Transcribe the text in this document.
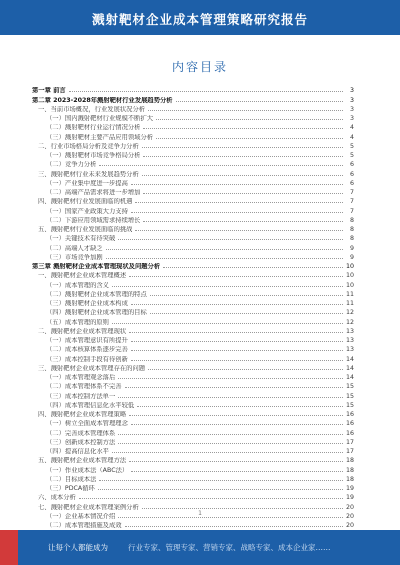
溅射靶材企业成本管理策略研究报告
内容目录
第一章 前言	3
第二章 2023-2028年溅射靶材行业发展趋势分析	3
一、当前市场概况，行业发展状况分析	3
（一）国内溅射靶材行业规模不断扩大	3
（二）溅射靶材行业运行情况分析	4
（三）溅射靶材主要产品应用领域分析	4
二、行业市场格局分析及竞争力分析	5
（一）溅射靶材市场竞争格局分析	5
（二）竞争力分析	6
三、溅射靶材行业未来发展趋势分析	6
（一）产业集中度进一步提高	6
（二）高端产品需求将进一步增加	7
四、溅射靶材行业发展面临的机遇	7
（一）国家产业政策大力支持	7
（二）下游应用领域需求持续增长	8
五、溅射靶材行业发展面临的挑战	8
（一）关键技术有待突破	8
（二）高端人才缺乏	9
（三）市场竞争加剧	9
第三章 溅射靶材企业成本管理现状及问题分析	10
一、溅射靶材企业成本管理概述	10
（一）成本管理的含义	10
（二）溅射靶材企业成本管理的特点	11
（三）溅射靶材企业成本构成	11
（四）溅射靶材企业成本管理的目标	12
（五）成本管理的原则	12
二、溅射靶材企业成本管理现状	13
（一）成本管理意识有所提升	13
（二）成本核算体系逐步完善	13
（三）成本控制手段有待创新	14
三、溅射靶材企业成本管理存在的问题	14
（一）成本管理观念落后	14
（二）成本管理体系不完善	15
（三）成本控制方法单一	15
（四）成本管理信息化水平较低	15
四、溅射靶材企业成本管理策略	16
（一）树立全面成本管理理念	16
（二）完善成本管理体系	16
（三）创新成本控制方法	17
（四）提高信息化水平	17
五、溅射靶材企业成本管理方法	18
（一）作业成本法（ABC法）	18
（二）目标成本法	18
（三）PDCA循环	19
六、成本分析	19
七、溅射靶材企业成本管理案例分析	20
（一）企业基本情况介绍	20
（二）成本管理措施及成效	20
1
让每个人都能成为	行业专家、管理专家、营销专家、战略专家、成本企业家……
